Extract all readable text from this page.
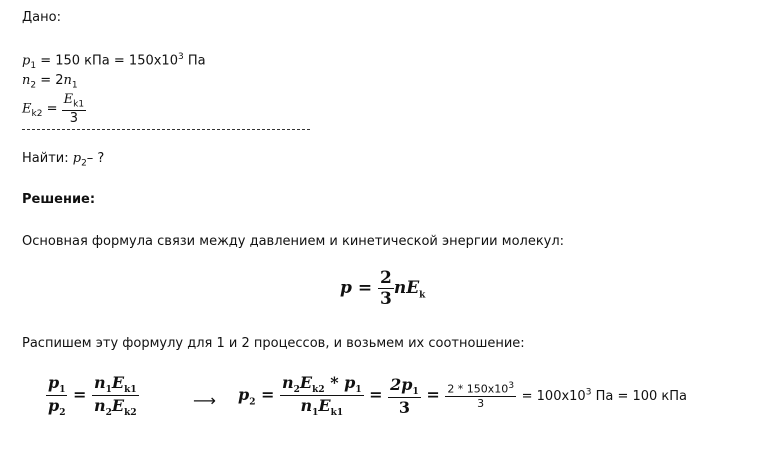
Дано:
$p_1 = 150$ кПа = $150x10^3$ Па
$n_2 = 2n_1$
$E_{k2} = \frac{E_{k1}}{3}$
Найти: $p_2-$ ?
Решение:
Основная формула связи между давлением и кинетической энергии молекул:
$p = \frac{2}{3} nE_k$
Распишем эту формулу для 1 и 2 процессов, и возьмем их соотношение:
$\frac{p_1}{p_2} = \frac{n_1E_{k1}}{n_2E_{k2}}$	⟶ $p_2 = \frac{n_2E_{k2} * p_1}{n_1E_{k1}} = \frac{2p_1}{3} = \frac{2 * 150x10^3}{3} = 100x10^3$ Па = 100 кПа
